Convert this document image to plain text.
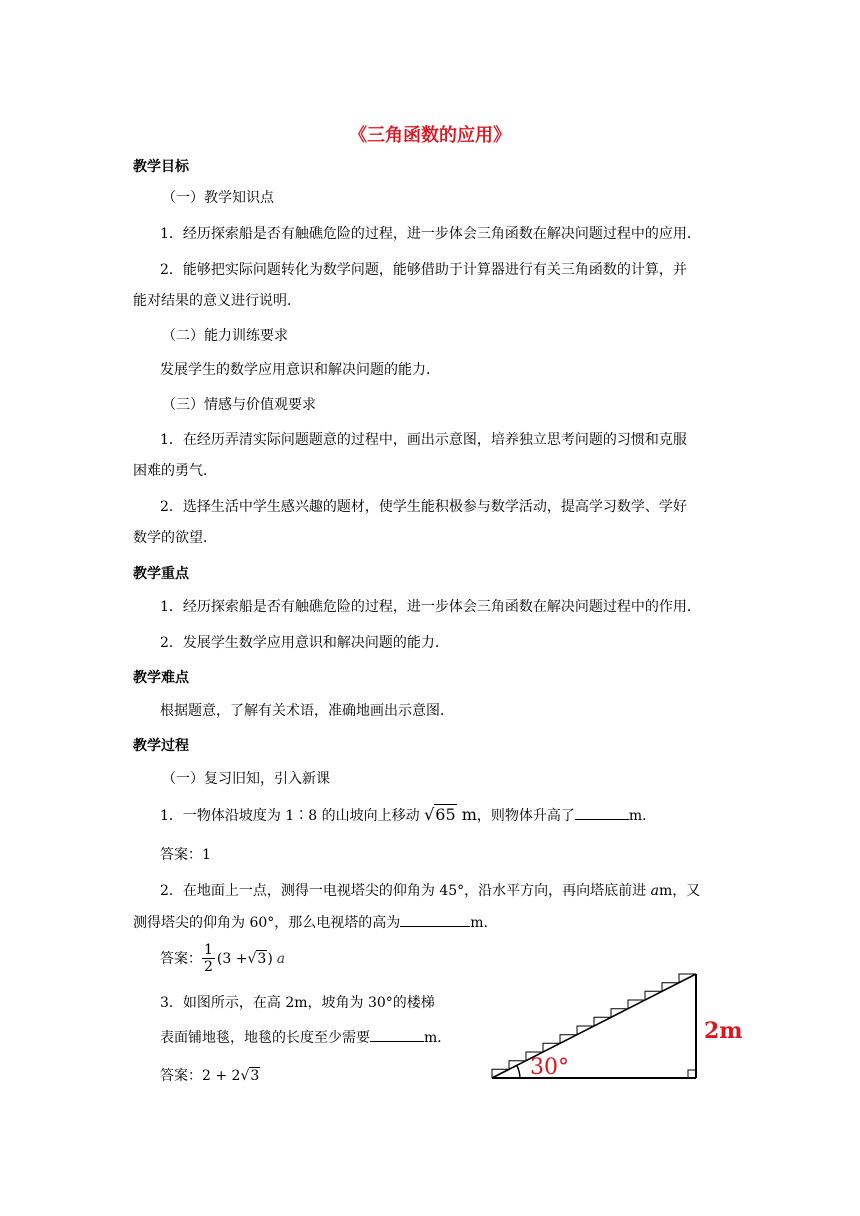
《三角函数的应用》
教学目标
（一）教学知识点
1．经历探索船是否有触礁危险的过程，进一步体会三角函数在解决问题过程中的应用．
2．能够把实际问题转化为数学问题，能够借助于计算器进行有关三角函数的计算，并
能对结果的意义进行说明．
（二）能力训练要求
发展学生的数学应用意识和解决问题的能力．
（三）情感与价值观要求
1．在经历弄清实际问题题意的过程中，画出示意图，培养独立思考问题的习惯和克服
困难的勇气．
2．选择生活中学生感兴趣的题材，使学生能积极参与数学活动，提高学习数学、学好
数学的欲望．
教学重点
1．经历探索船是否有触礁危险的过程，进一步体会三角函数在解决问题过程中的作用．
2．发展学生数学应用意识和解决问题的能力．
教学难点
根据题意，了解有关术语，准确地画出示意图．
教学过程
（一）复习旧知，引入新课
1．一物体沿坡度为 1∶8 的山坡向上移动 √65 m，则物体升高了	m．
答案：1
2．在地面上一点，测得一电视塔尖的仰角为 45°，沿水平方向，再向塔底前进 am，又
测得塔尖的仰角为 60°，那么电视塔的高为	m．
答案： $\frac{1}{2} (3 + √3$ ) a
3．如图所示，在高 2m，坡角为 30°的楼梯
表面铺地毯，地毯的长度至少需要	m．
答案：2 + 2√3	30°
2m
